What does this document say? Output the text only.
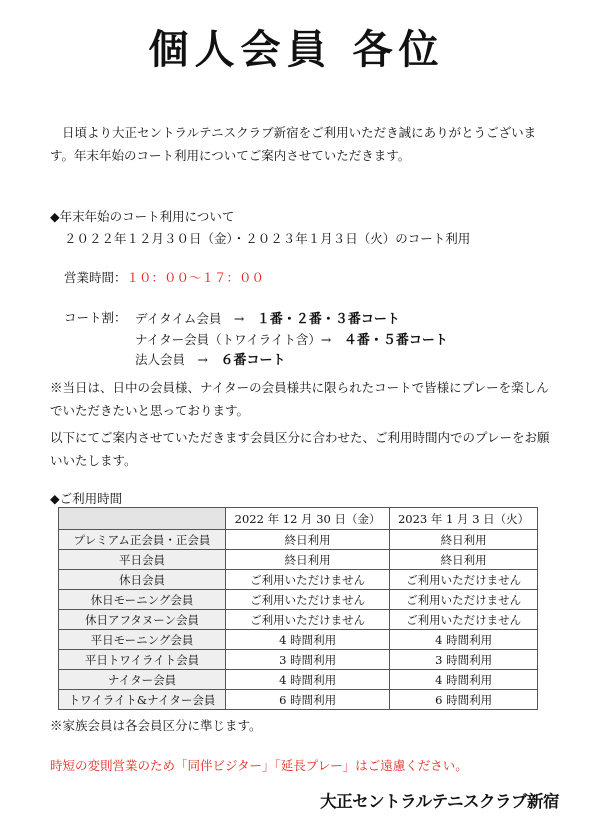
個人会員 各位
日頃より大正セントラルテニスクラブ新宿をご利用いただき誠にありがとうございます。年末年始のコート利用についてご案内させていただきます。
◆年末年始のコート利用について
２０２２年１２月３０日（金）・２０２３年１月３日（火）のコート利用
営業時間：１０：００～１７：００
コート割： デイタイム会員　→　１番・２番・３番コート
ナイター会員（トワイライト含）→　４番・５番コート
法人会員　→　６番コート
※当日は、日中の会員様、ナイターの会員様共に限られたコートで皆様にプレーを楽しんでいただきたいと思っております。
以下にてご案内させていただきます会員区分に合わせた、ご利用時間内でのプレーをお願いいたします。
◆ご利用時間
	2022 年 12 月 30 日（金）	2023 年 1 月 3 日（火）
プレミアム正会員・正会員	終日利用	終日利用
平日会員	終日利用	終日利用
休日会員	ご利用いただけません	ご利用いただけません
休日モーニング会員	ご利用いただけません	ご利用いただけません
休日アフタヌーン会員	ご利用いただけません	ご利用いただけません
平日モーニング会員	4 時間利用	4 時間利用
平日トワイライト会員	3 時間利用	3 時間利用
ナイター会員	4 時間利用	4 時間利用
トワイライト&ナイター会員	6 時間利用	6 時間利用
※家族会員は各会員区分に準じます。
時短の変則営業のため「同伴ビジター」「延長プレー」はご遠慮ください。
大正セントラルテニスクラブ新宿
